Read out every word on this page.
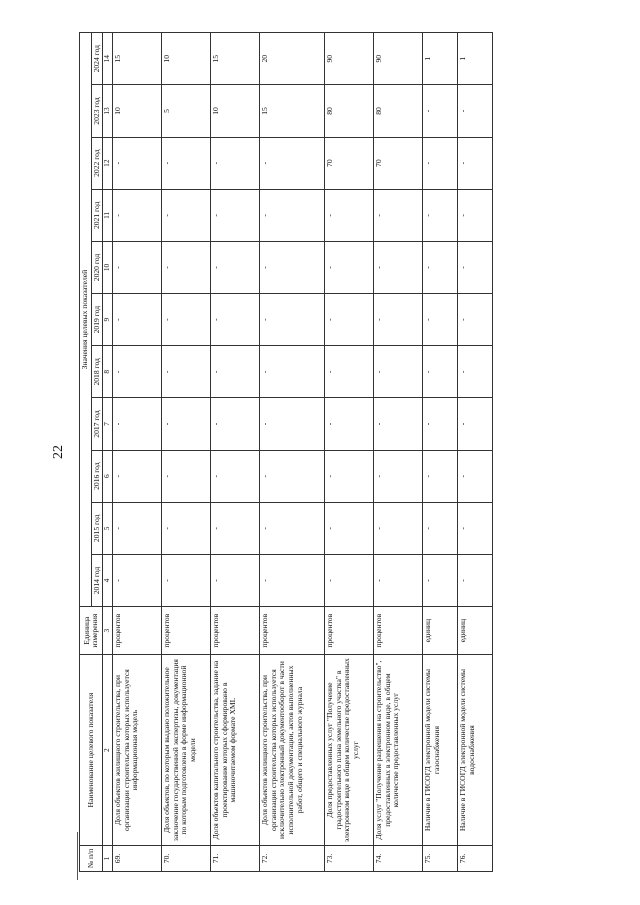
22
№ п/п	Наименование целевого показателя	Единица измерения	Значения целевых показателей										
			2014 год	2015 год	2016 год	2017 год	2018 год	2019 год	2020 год	2021 год	2022 год	2023 год	2024 год
1	2	3	4	5	6	7	8	9	10	11	12	13	14
69.	Доля объектов жилищного строительства, при организации строительства которых используется информационная модель	процентов	-	-	-	-	-	-	-	-	-	10	15
70.	Доля объектов, по которым выдано положительное заключение государственной экспертизы, документация по которым подготовлена в форме информационной модели	процентов	-	-	-	-	-	-	-	-	-	5	10
71.	Доля объектов капитального строительства, задание на проектирование которых сформировано в машиночитаемом формате XML	процентов	-	-	-	-	-	-	-	-	-	10	15
72.	Доля объектов жилищного строительства, при организации строительства которых используется исключительно электронный документооборот в части исполнительной документации, актов выполненных работ, общего и специального журнала	процентов	-	-	-	-	-	-	-	-	-	15	20
73.	Доля предоставленных услуг "Получение градостроительного плана земельного участка" в электронном виде в общем количестве предоставленных услуг	процентов	-	-	-	-	-	-	-	-	70	80	90
74.	Доля услуг "Получение разрешения на строительство", предоставленных в электронном виде, в общем количестве предоставленных услуг	процентов	-	-	-	-	-	-	-	-	70	80	90
75.	Наличие в ГИСОГД электронной модели системы газоснабжения	единиц	-	-	-	-	-	-	-	-	-	-	1
76.	Наличие в ГИСОГД электронной модели системы водоснабжения	единиц	-	-	-	-	-	-	-	-	-	-	1
